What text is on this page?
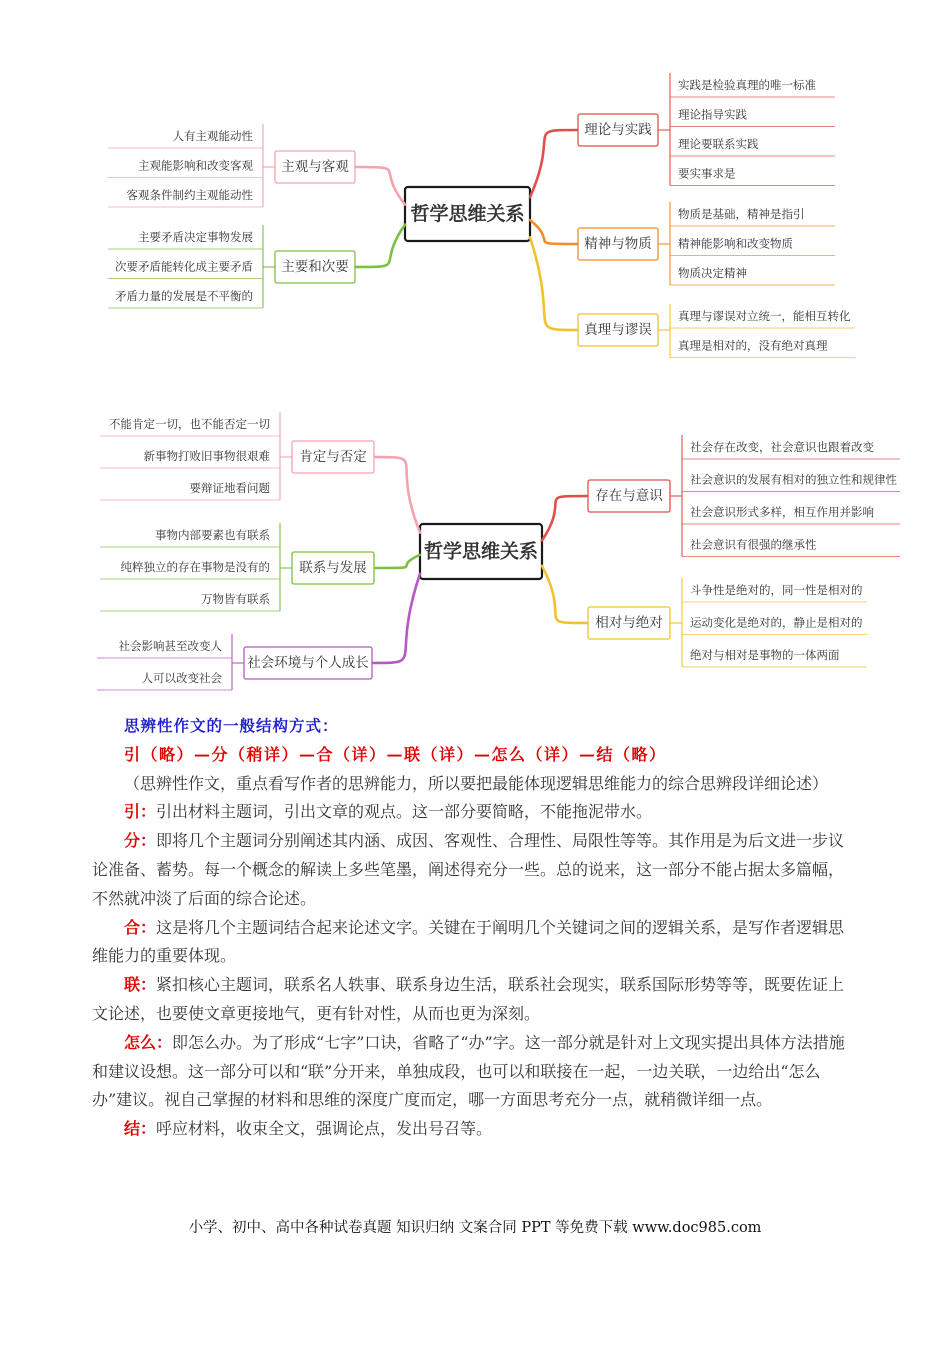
哲学思维关系
主观与客观
人有主观能动性
主观能影响和改变客观
客观条件制约主观能动性
主要和次要
主要矛盾决定事物发展
次要矛盾能转化成主要矛盾
矛盾力量的发展是不平衡的
理论与实践
实践是检验真理的唯一标准
理论指导实践
理论要联系实践
要实事求是
精神与物质
物质是基础，精神是指引
精神能影响和改变物质
物质决定精神
真理与谬误
真理与谬误对立统一，能相互转化
真理是相对的，没有绝对真理
哲学思维关系
肯定与否定
不能肯定一切，也不能否定一切
新事物打败旧事物很艰难
要辩证地看问题
联系与发展
事物内部要素也有联系
纯粹独立的存在事物是没有的
万物皆有联系
社会环境与个人成长
社会影响甚至改变人
人可以改变社会
存在与意识
社会存在改变，社会意识也跟着改变
社会意识的发展有相对的独立性和规律性
社会意识形式多样，相互作用并影响
社会意识有很强的继承性
相对与绝对
斗争性是绝对的，同一性是相对的
运动变化是绝对的，静止是相对的
绝对与相对是事物的一体两面

思辨性作文的一般结构方式：

引（略）—分（稍详）—合（详）—联（详）—怎么（详）—结（略）

（思辨性作文，重点看写作者的思辨能力，所以要把最能体现逻辑思维能力的综合思辨段详细论述）

引：引出材料主题词，引出文章的观点。这一部分要简略，不能拖泥带水。

分：即将几个主题词分别阐述其内涵、成因、客观性、合理性、局限性等等。其作用是为后文进一步议论准备、蓄势。每一个概念的解读上多些笔墨，阐述得充分一些。总的说来，这一部分不能占据太多篇幅，不然就冲淡了后面的综合论述。

合：这是将几个主题词结合起来论述文字。关键在于阐明几个关键词之间的逻辑关系，是写作者逻辑思维能力的重要体现。

联：紧扣核心主题词，联系名人轶事、联系身边生活，联系社会现实，联系国际形势等等，既要佐证上文论述，也要使文章更接地气，更有针对性，从而也更为深刻。

怎么：即怎么办。为了形成“七字”口诀，省略了“办”字。这一部分就是针对上文现实提出具体方法措施和建议设想。这一部分可以和“联”分开来，单独成段，也可以和联接在一起，一边关联，一边给出“怎么办”建议。视自己掌握的材料和思维的深度广度而定，哪一方面思考充分一点，就稍微详细一点。

结：呼应材料，收束全文，强调论点，发出号召等。

小学、初中、高中各种试卷真题 知识归纳 文案合同 PPT 等免费下载 www.doc985.com
